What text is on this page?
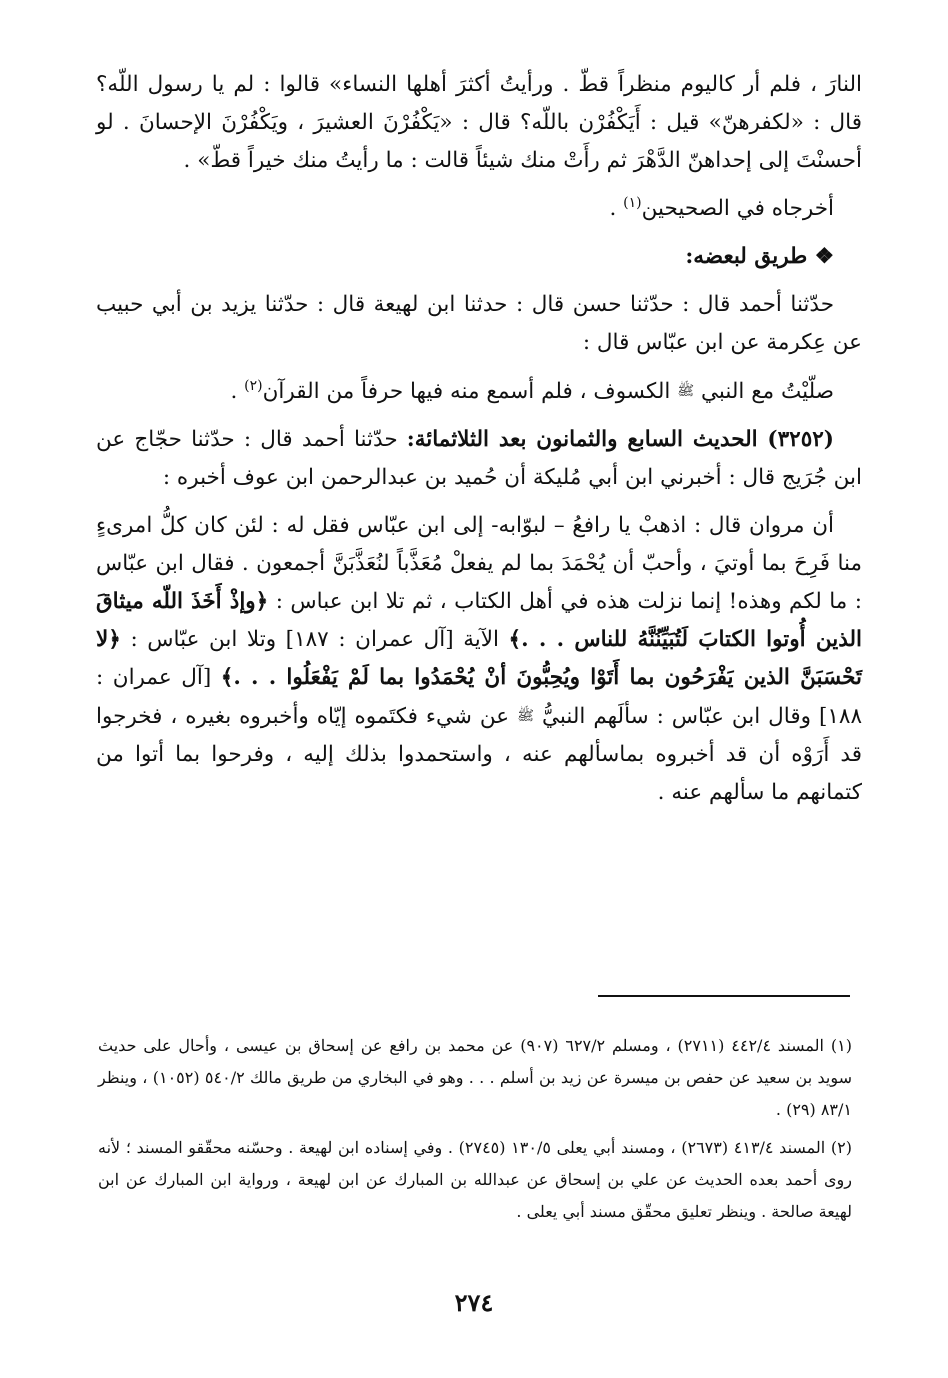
النارَ ، فلم أر كاليوم منظراً قطّ . ورأيتُ أكثرَ أهلها النساء» قالوا : لم يا رسول اللّه؟ قال : «لكفرهنّ» قيل : أَيَكْفُرْن باللّه؟ قال : «يَكْفُرْنَ العشيرَ ، ويَكْفُرْنَ الإحسانَ . لو أحسنْتَ إلى إحداهنّ الدَّهْرَ ثم رأَتْ منك شيئاً قالت : ما رأيتُ منك خيراً قطّ» .

أخرجاه في الصحيحين$^{(١)}$ .

❖ طريق لبعضه:

حدّثنا أحمد قال : حدّثنا حسن قال : حدثنا ابن لهيعة قال : حدّثنا يزيد بن أبي حبيب عن عِكرمة عن ابن عبّاس قال :

صلّيْتُ مع النبي ﷺ الكسوف ، فلم أسمع منه فيها حرفاً من القرآن$^{(٢)}$ .

(٣٢٥٢) الحديث السابع والثمانون بعد الثلاثمائة: حدّثنا أحمد قال : حدّثنا حجّاج عن ابن جُرَيج قال : أخبرني ابن أبي مُليكة أن حُميد بن عبدالرحمن ابن عوف أخبره :

أن مروان قال : اذهبْ يا رافعُ – لبوّابه- إلى ابن عبّاس فقل له : لئن كان كلُّ امرىءٍ منا فَرِحَ بما أوتيَ ، وأحبّ أن يُحْمَدَ بما لم يفعلْ مُعَذَّباً لنُعَذَّبَنَّ أجمعون . فقال ابن عبّاس : ما لكم وهذه! إنما نزلت هذه في أهل الكتاب ، ثم تلا ابن عباس : ﴿وإذْ أَخَذَ اللّه ميثاقَ الذين أُوتوا الكتابَ لَتُبَيِّنُنَّهُ للناس . . .﴾ الآية [آل عمران : ١٨٧] وتلا ابن عبّاس : ﴿لا تَحْسَبَنَّ الذين يَفْرَحُون بما أَتَوْا ويُحِبُّونَ أنْ يُحْمَدُوا بما لَمْ يَفْعَلُوا . . .﴾ [آل عمران : ١٨٨] وقال ابن عبّاس : سألَهم النبيُّ ﷺ عن شيء فكتَموه إيّاه وأخبروه بغيره ، فخرجوا قد أَرَوْه أن قد أخبروه بماسألهم عنه ، واستحمدوا بذلك إليه ، وفرحوا بما أتوا من كتمانهم ما سألهم عنه .

(١) المسند ٤٤٢/٤ (٢٧١١) ، ومسلم ٦٢٧/٢ (٩٠٧) عن محمد بن رافع عن إسحاق بن عيسى ، وأحال على حديث سويد بن سعيد عن حفص بن ميسرة عن زيد بن أسلم . . . وهو في البخاري من طريق مالك ٥٤٠/٢ (١٠٥٢) ، وينظر ٨٣/١ (٢٩) .

(٢) المسند ٤١٣/٤ (٢٦٧٣) ، ومسند أبي يعلى ١٣٠/٥ (٢٧٤٥) . وفي إسناده ابن لهيعة . وحسّنه محقّقو المسند ؛ لأنه روى أحمد بعده الحديث عن علي بن إسحاق عن عبدالله بن المبارك عن ابن لهيعة ، ورواية ابن المبارك عن ابن لهيعة صالحة . وينظر تعليق محقّق مسند أبي يعلى .

٢٧٤
